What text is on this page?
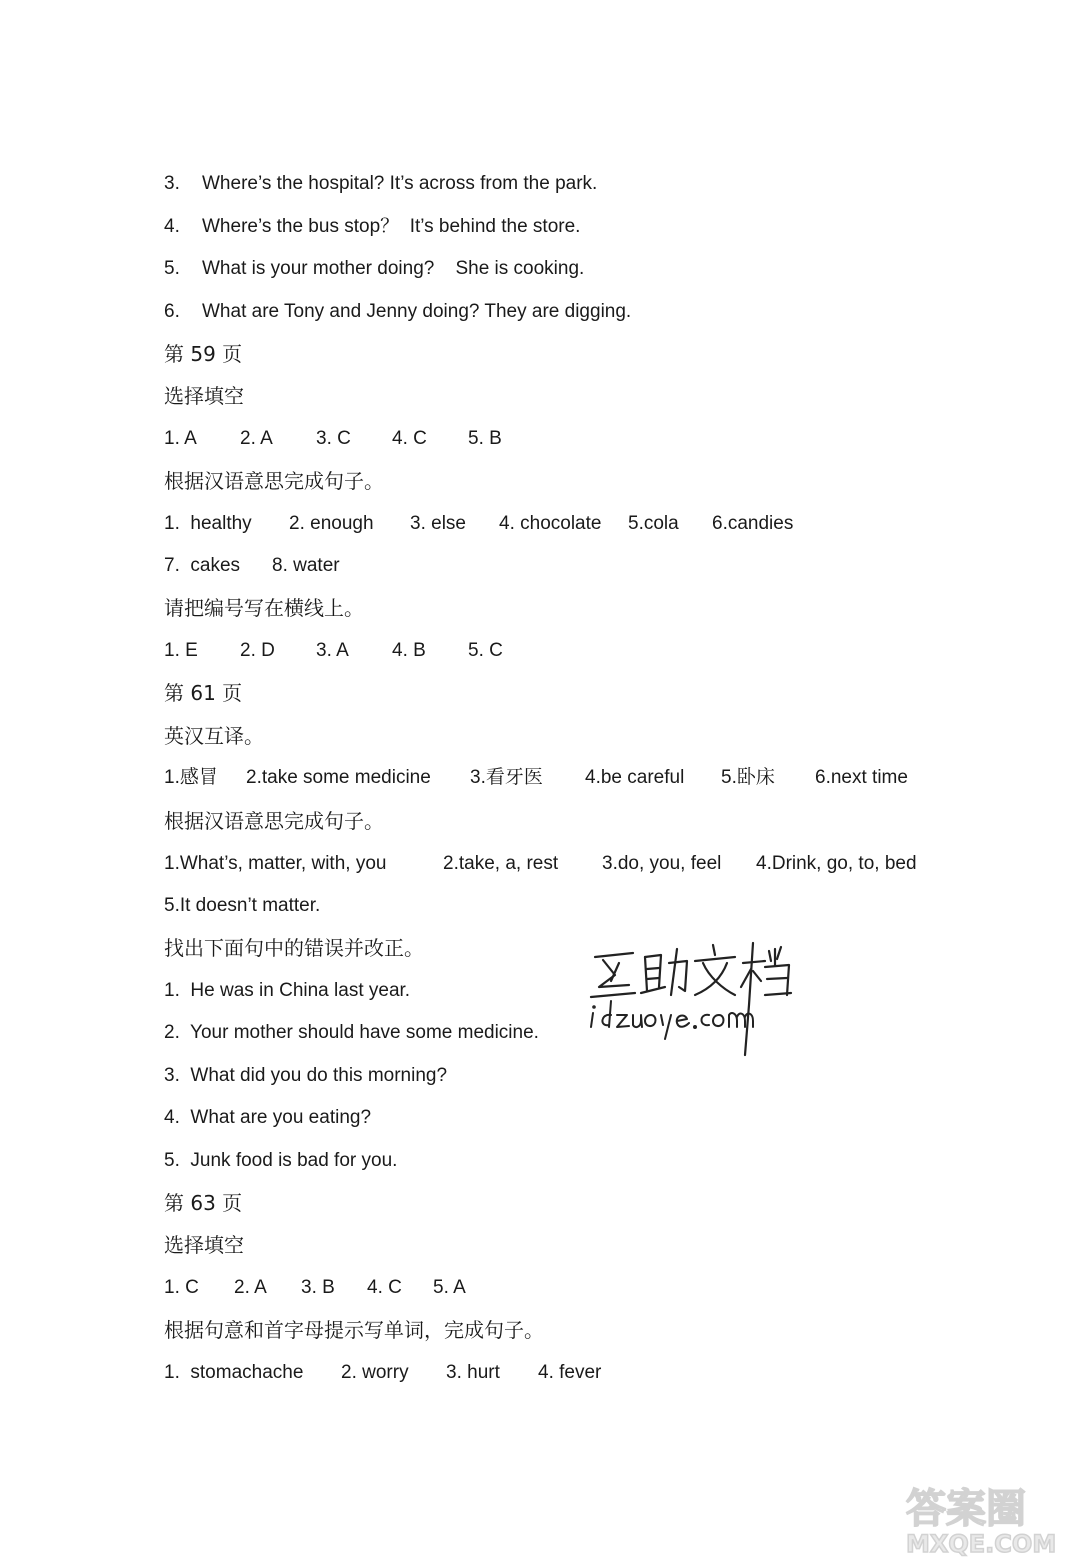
3.

Where’s the hospital? It’s across from the park.

4.

Where’s the bus stop？  It’s behind the store.

5.

What is your mother doing?    She is cooking.

6.

What are Tony and Jenny doing? They are digging.

第 59 页
选择填空

1. A

2. A

3. C

4. C

5. B

根据汉语意思完成句子。

1.  healthy

2. enough

3. else

4. chocolate

5.cola

6.candies

7.  cakes

8. water

请把编号写在横线上。

1. E

2. D

3. A

4. B

5. C

第 61 页
英汉互译。

1.感冒

2.take some medicine

3.看牙医

4.be careful

5.卧床

6.next time

根据汉语意思完成句子。

1.What’s, matter, with, you

	2.take, a, rest

3.do, you, feel

4.Drink, go, to, bed

5.It doesn’t matter.
找出下面句中的错误并改正。
1.  He was in China last year.
2.  Your mother should have some medicine.
3.  What did you do this morning?
4.  What are you eating?
5.  Junk food is bad for you.
第 63 页
选择填空

1. C

2. A

3. B

4. C

5. A

根据句意和首字母提示写单词，完成句子。

1.  stomachache

2. worry

3. hurt

4. fever

答案圈
MXQE.COM
